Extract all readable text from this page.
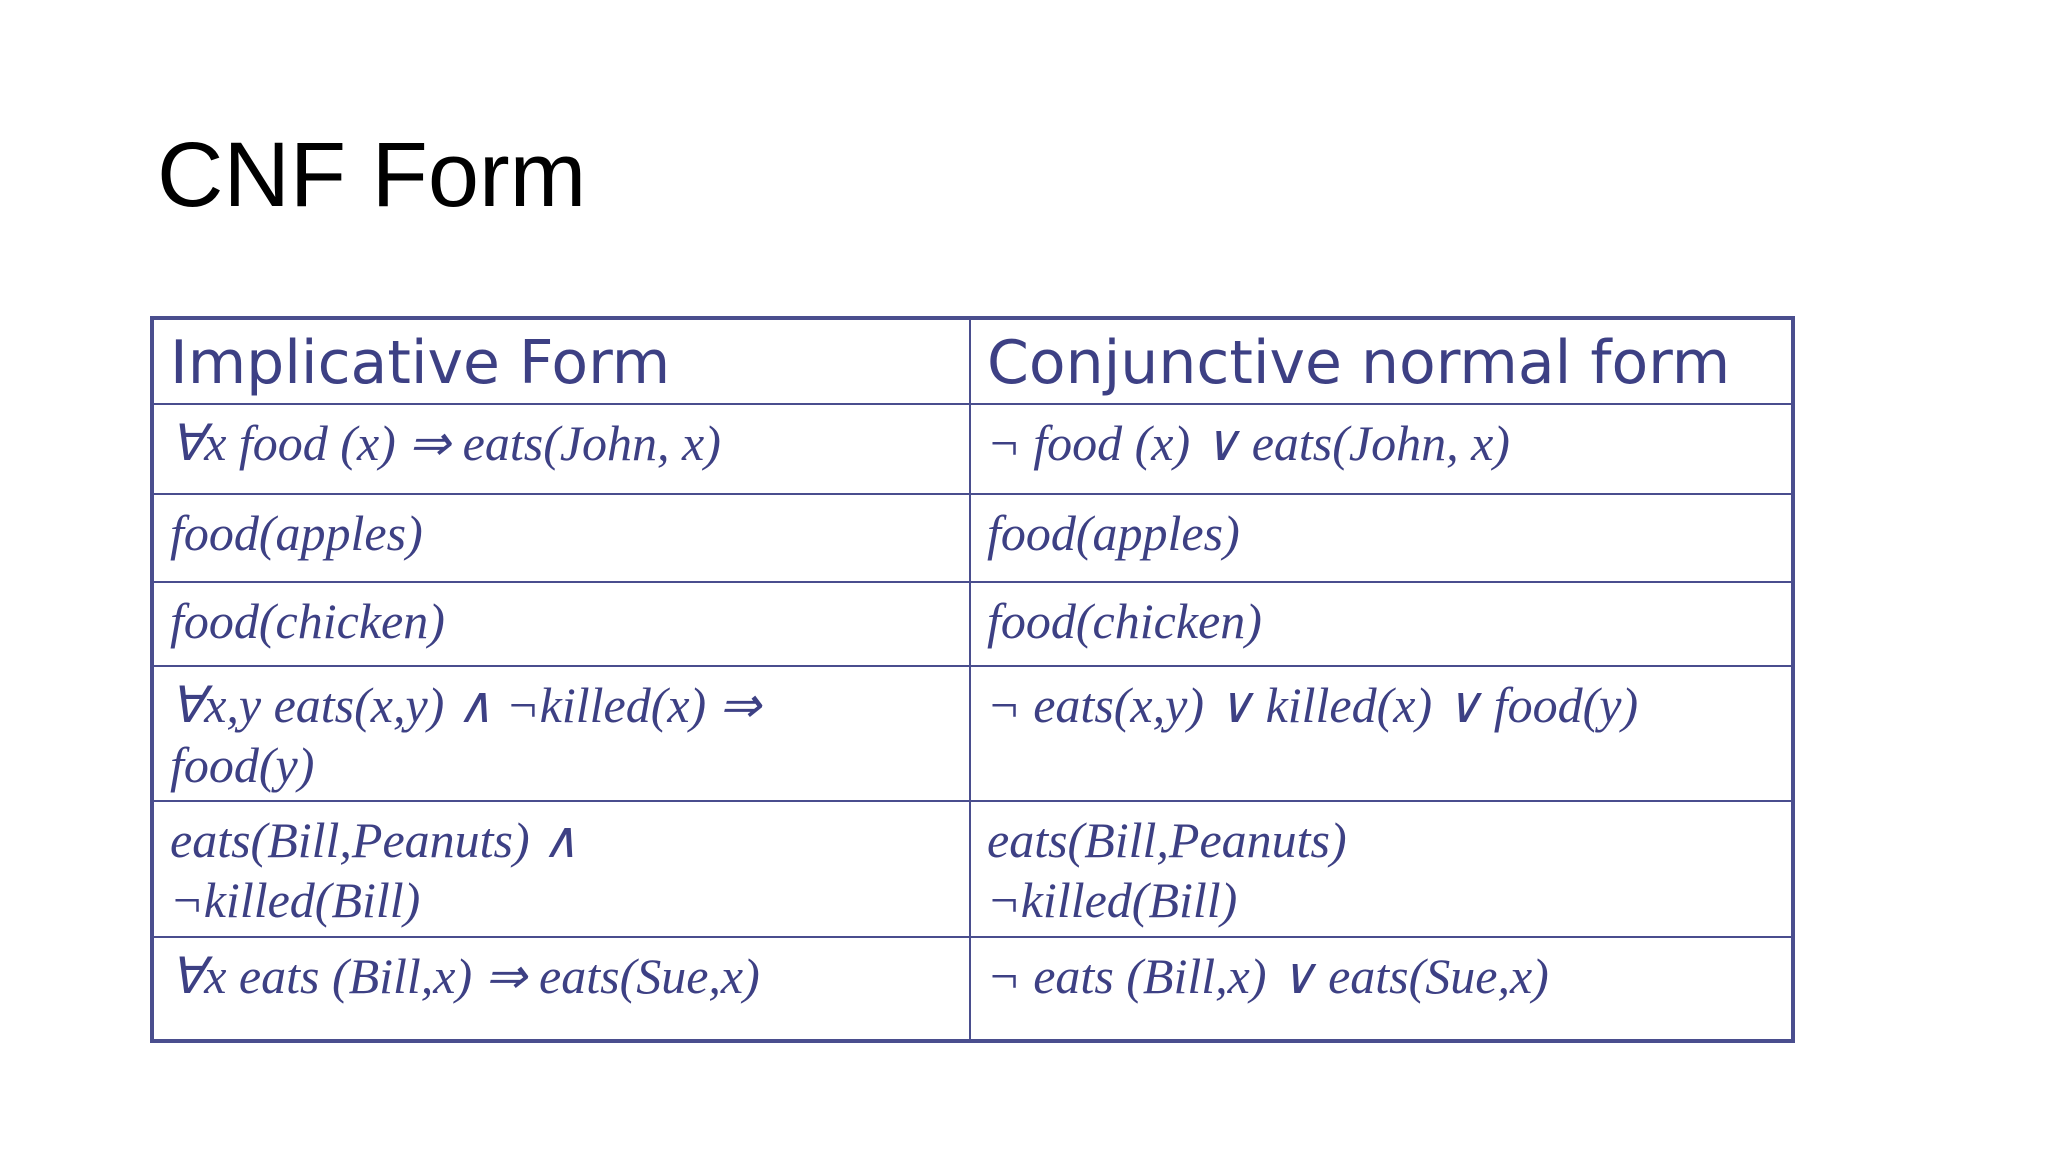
CNF Form
Implicative Form	Conjunctive normal form

∀x food (x) ⇒ eats(John, x)	¬ food (x) ∨ eats(John, x)

food(apples)	food(apples)

food(chicken)	food(chicken)

∀x,y eats(x,y) ∧ ¬killed(x) ⇒
food(y)	¬ eats(x,y) ∨ killed(x) ∨ food(y)

eats(Bill,Peanuts) ∧
¬killed(Bill)	eats(Bill,Peanuts)
¬killed(Bill)

∀x eats (Bill,x) ⇒ eats(Sue,x)	¬ eats (Bill,x) ∨ eats(Sue,x)
